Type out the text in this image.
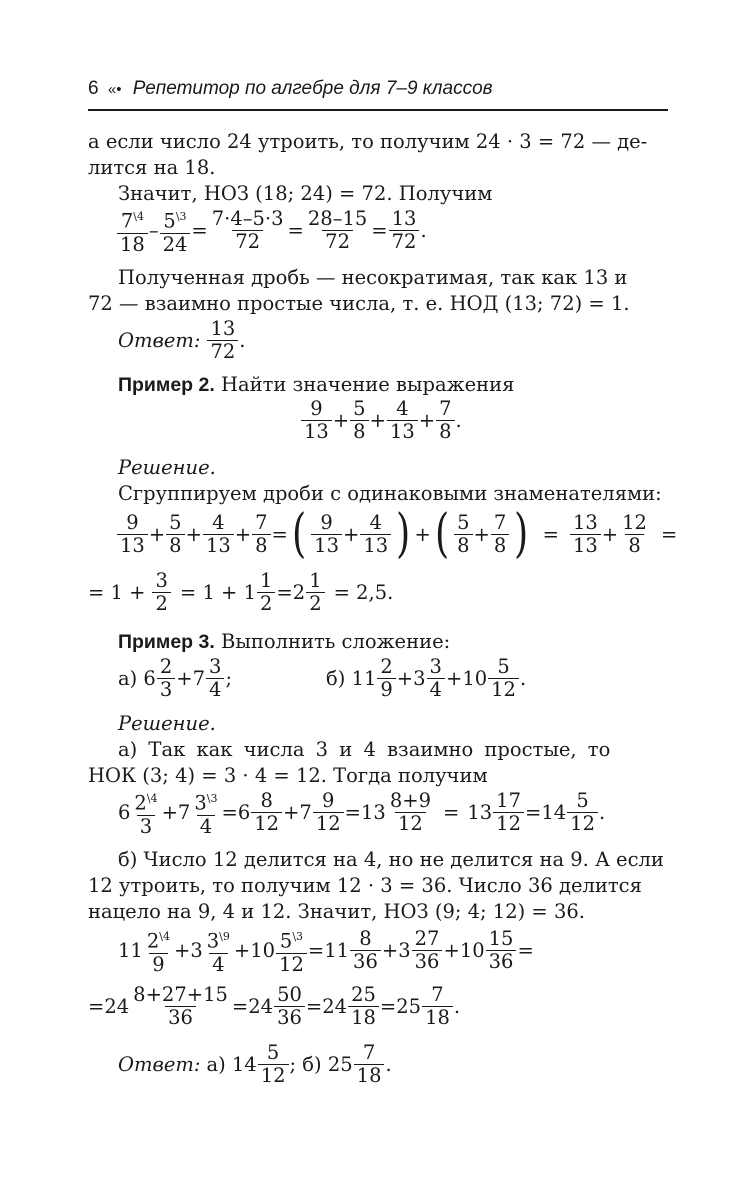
6 «• Репетитор по алгебре для 7–9 классов
а если число 24 утроить, то получим 24 · 3 = 72 — де-
лится на 18.
Значит, НОЗ (18; 24) = 72. Получим
$7^{\backslash 4}$
18
– $5^{\backslash 3}$
24
=
7·4–5·3
72 =
28–15
72 =
13
72 .
Полученная дробь — несократимая, так как 13 и
72 — взаимно простые числа, т. е. НОД (13; 72) = 1.
Ответ:
13
72 .
Пример 2. Найти значение выражения
9
13 +
5
8 +
4
13 +
7
8 .
Решение.
Сгруппируем дроби с одинаковыми знаменателями:
9
13 +
5
8 +
4
13 +
7
8 = ( 9
13 +
4
13 ) + ( 5
8 +
7
8 ) =
13
13 +
12
8 =
= 1 +
3
2 = 1 + 1
1
2 = 2
1
2 = 2,5.
Пример 3. Выполнить сложение:
а) 6
2
3 + 7
3
4 ;	б) 11
2
9 + 3
3
4 + 10
5
12 .
Решение.
а) Так как числа 3 и 4 взаимно простые, то
НОК (3; 4) = 3 · 4 = 12. Тогда получим
6 $2^{\backslash 4}$
3
+ 7 $3^{\backslash 3}$
4
= 6
8
12 + 7
9
12 = 13
8+9
12 = 13
17
12 = 14
5
12 .
б) Число 12 делится на 4, но не делится на 9. А если
12 утроить, то получим 12 · 3 = 36. Число 36 делится
нацело на 9, 4 и 12. Значит, НОЗ (9; 4; 12) = 36.
11 $2^{\backslash 4}$
9
+ 3 $3^{\backslash 9}$
4
+ 10 $5^{\backslash 3}$
12
= 11
8
36 + 3
27
36 + 10
15
36 =
= 24
8+27+15
36 = 24
50
36 = 24
25
18 = 25
7
18 .
Ответ: а) 14
5
12 ; б) 25
7
18 .
